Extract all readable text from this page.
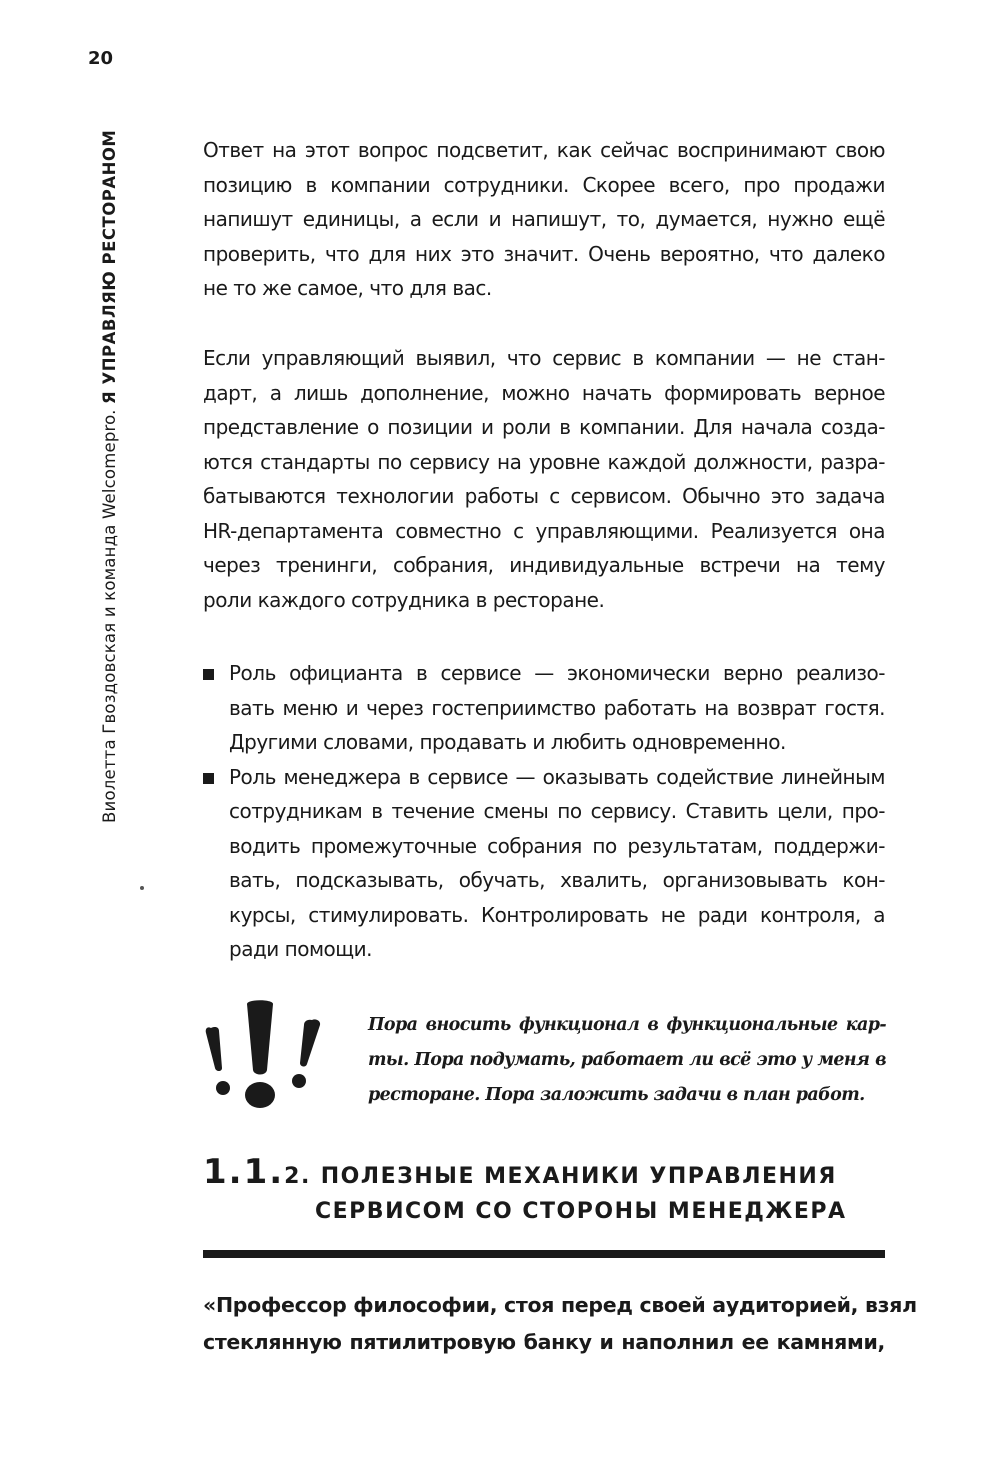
20
Виолетта Гвоздовская и команда Welcomepro. Я УПРАВЛЯЮ РЕСТОРАНОМ	Ответ на этот вопрос подсветит, как сейчас воспринимают свою
позицию в компании сотрудники. Скорее всего, про продажи
напишут единицы, а если и напишут, то, думается, нужно ещё
проверить, что для них это значит. Очень вероятно, что далеко
не то же самое, что для вас.
Если управляющий выявил, что сервис в компании — не стан-
дарт, а лишь дополнение, можно начать формировать верное
представление о позиции и роли в компании. Для начала созда-
ются стандарты по сервису на уровне каждой должности, разра-
батываются технологии работы с сервисом. Обычно это задача
HR-департамента совместно с управляющими. Реализуется она
через тренинги, собрания, индивидуальные встречи на тему
роли каждого сотрудника в ресторане.
Роль официанта в сервисе — экономически верно реализо-
вать меню и через гостеприимство работать на возврат гостя.
Другими словами, продавать и любить одновременно.
Роль менеджера в сервисе — оказывать содействие линейным
сотрудникам в течение смены по сервису. Ставить цели, про-
водить промежуточные собрания по результатам, поддержи-
вать, подсказывать, обучать, хвалить, организовывать кон-
курсы, стимулировать. Контролировать не ради контроля, а
ради помощи.
Пора вносить функционал в функциональные кар-
ты. Пора подумать, работает ли всё это у меня в
ресторане. Пора заложить задачи в план работ.
1.1.2. ПОЛЕЗНЫЕ МЕХАНИКИ УПРАВЛЕНИЯ
СЕРВИСОМ СО СТОРОНЫ МЕНЕДЖЕРА
«Профессор философии, стоя перед своей аудиторией, взял
стеклянную пятилитровую банку и наполнил ее камнями,
